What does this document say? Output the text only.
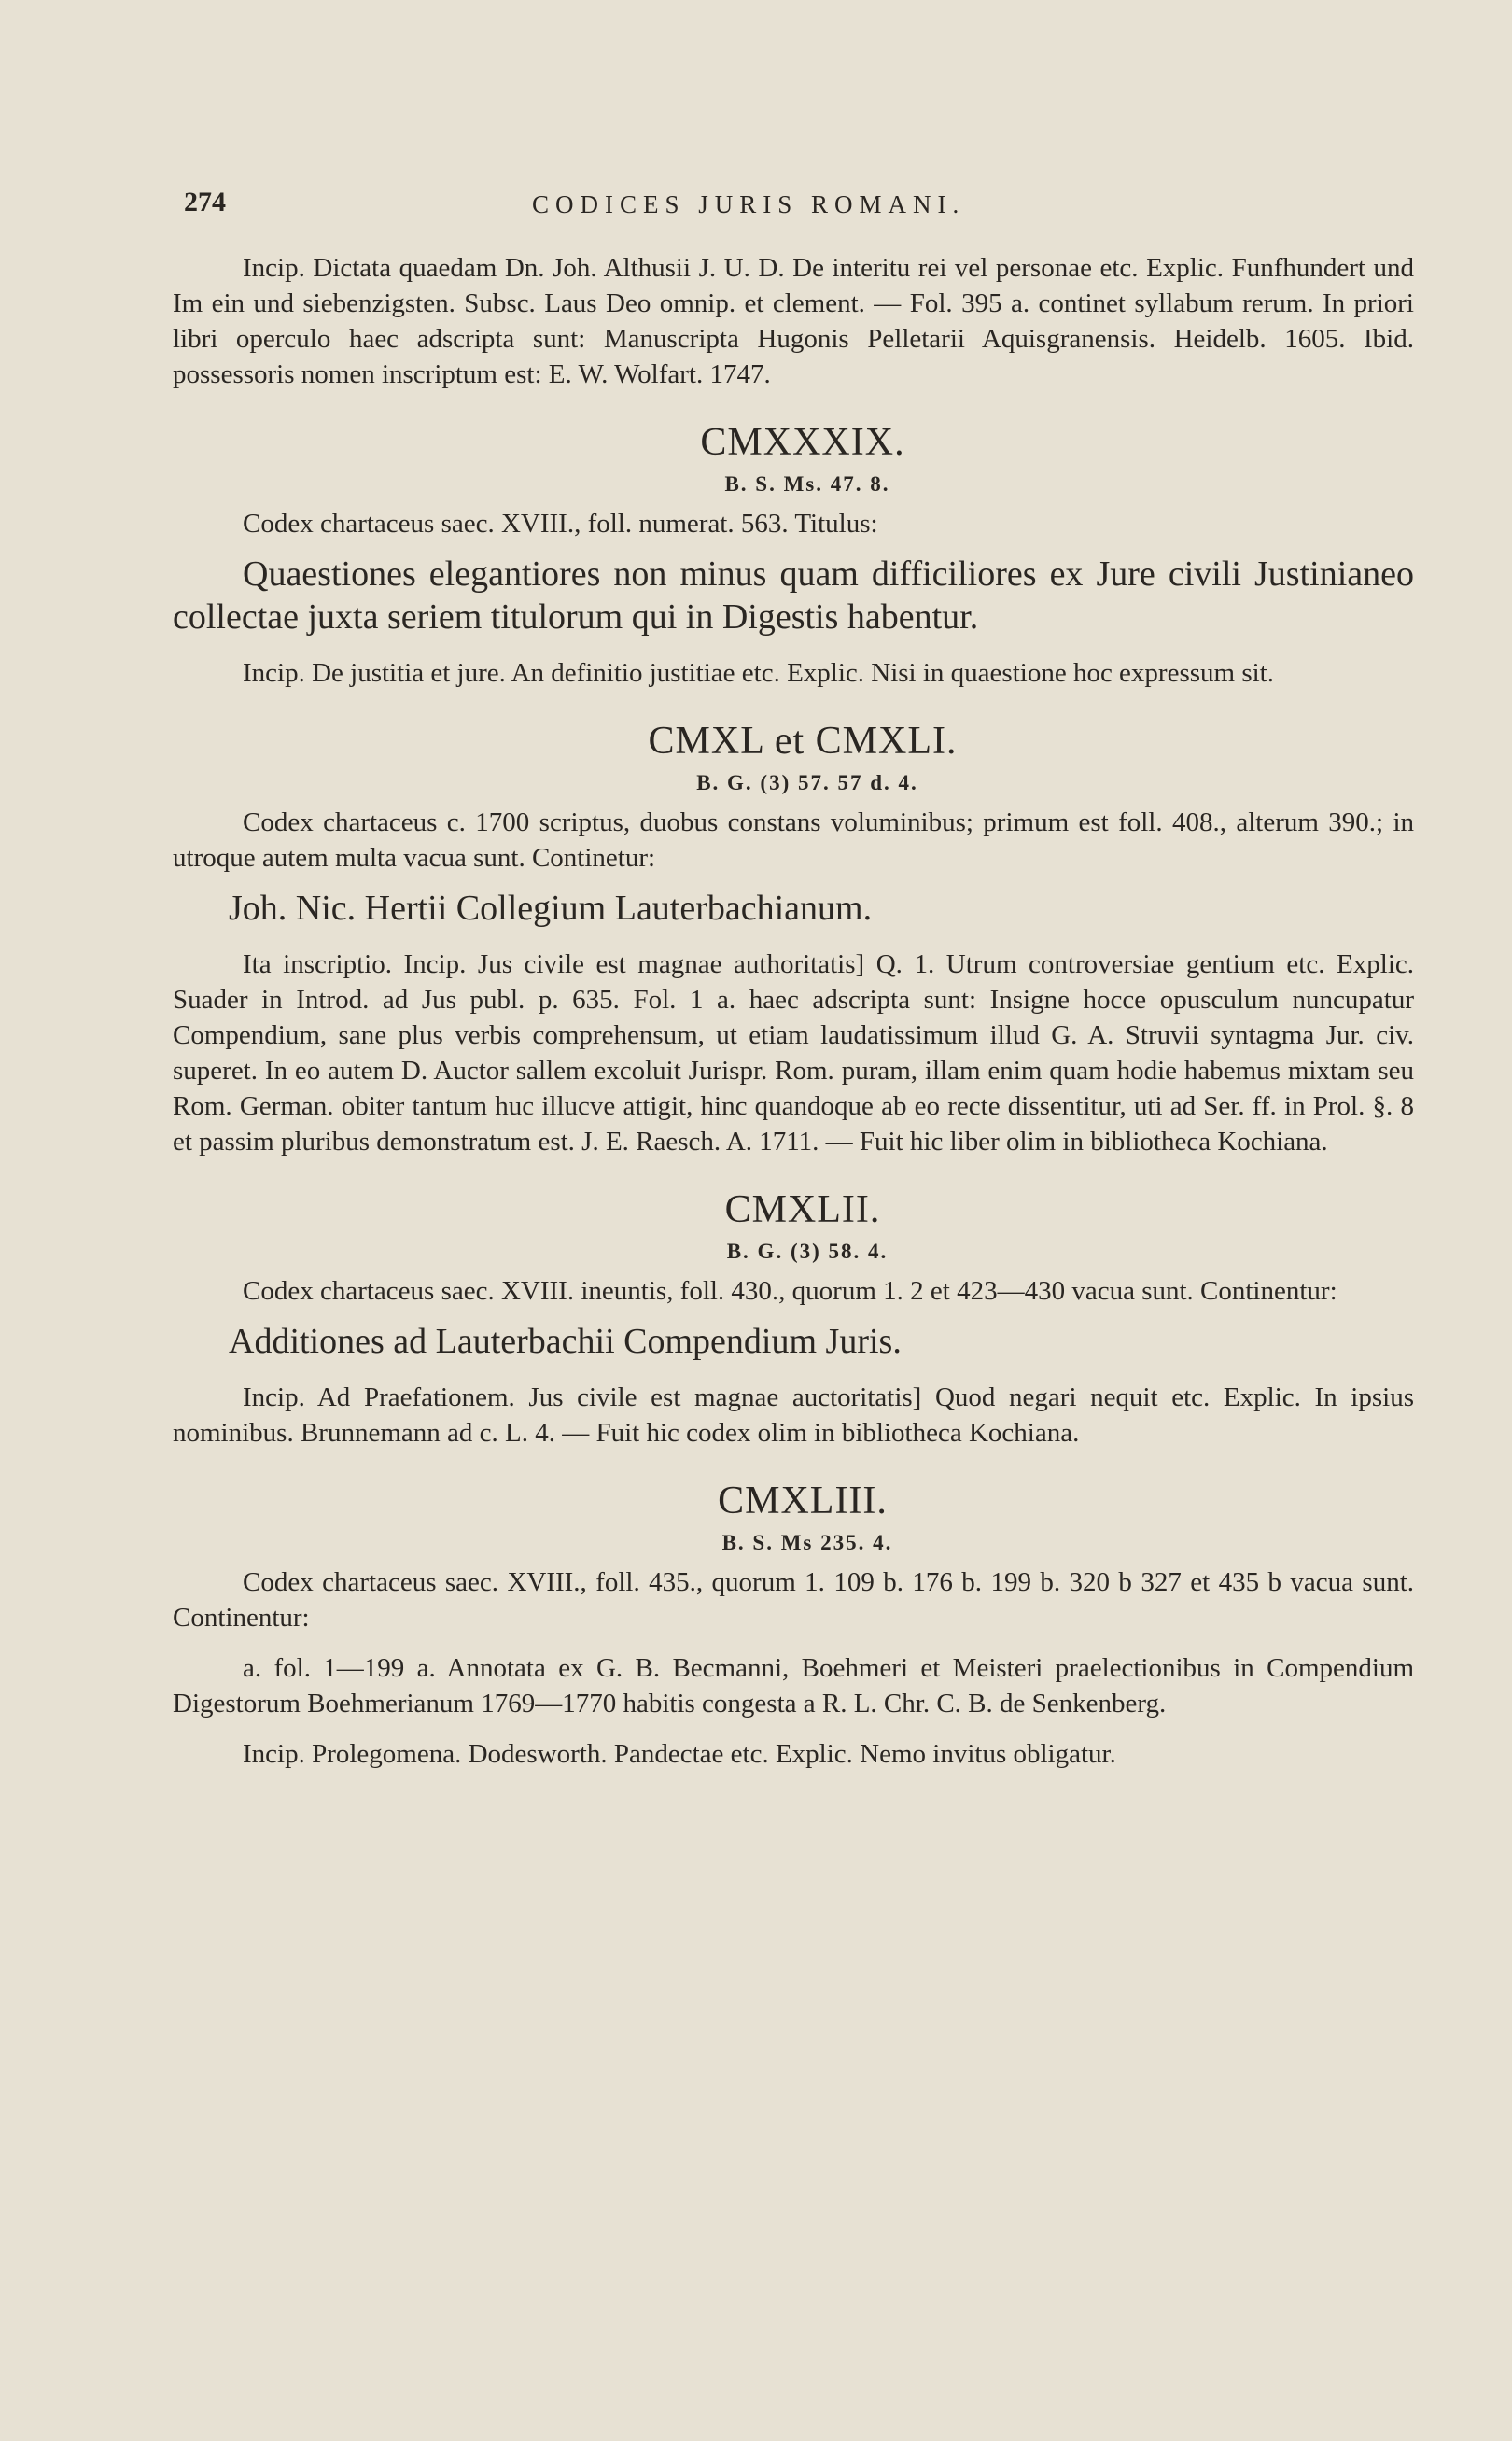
274	CODICES JURIS ROMANI.

Incip. Dictata quaedam Dn. Joh. Althusii J. U. D. De interitu rei vel personae etc. Explic. Funfhundert und Im ein und siebenzigsten. Subsc. Laus Deo omnip. et clement. — Fol. 395 a. continet syllabum rerum. In priori libri operculo haec adscripta sunt: Manuscripta Hugonis Pelletarii Aquisgranensis. Heidelb. 1605. Ibid. possessoris nomen inscriptum est: E. W. Wolfart. 1747.

CMXXXIX.
B. S. Ms. 47. 8.

Codex chartaceus saec. XVIII., foll. numerat. 563. Titulus:

Quaestiones elegantiores non minus quam difficiliores ex Jure civili Justinianeo collectae juxta seriem titulorum qui in Digestis habentur.

Incip. De justitia et jure. An definitio justitiae etc. Explic. Nisi in quaestione hoc expressum sit.

CMXL et CMXLI.
B. G. (3) 57. 57 d. 4.

Codex chartaceus c. 1700 scriptus, duobus constans voluminibus; primum est foll. 408., alterum 390.; in utroque autem multa vacua sunt. Continetur:

Joh. Nic. Hertii Collegium Lauterbachianum.

Ita inscriptio. Incip. Jus civile est magnae authoritatis] Q. 1. Utrum controversiae gentium etc. Explic. Suader in Introd. ad Jus publ. p. 635. Fol. 1 a. haec adscripta sunt: Insigne hocce opusculum nuncupatur Compendium, sane plus verbis comprehensum, ut etiam laudatissimum illud G. A. Struvii syntagma Jur. civ. superet. In eo autem D. Auctor sallem excoluit Jurispr. Rom. puram, illam enim quam hodie habemus mixtam seu Rom. German. obiter tantum huc illucve attigit, hinc quandoque ab eo recte dissentitur, uti ad Ser. ff. in Prol. §. 8 et passim pluribus demonstratum est. J. E. Raesch. A. 1711. — Fuit hic liber olim in bibliotheca Kochiana.

CMXLII.
B. G. (3) 58. 4.

Codex chartaceus saec. XVIII. ineuntis, foll. 430., quorum 1. 2 et 423—430 vacua sunt. Continentur:

Additiones ad Lauterbachii Compendium Juris.

Incip. Ad Praefationem. Jus civile est magnae auctoritatis] Quod negari nequit etc. Explic. In ipsius nominibus. Brunnemann ad c. L. 4. — Fuit hic codex olim in bibliotheca Kochiana.

CMXLIII.
B. S. Ms 235. 4.

Codex chartaceus saec. XVIII., foll. 435., quorum 1. 109 b. 176 b. 199 b. 320 b 327 et 435 b vacua sunt. Continentur:

a. fol. 1—199 a. Annotata ex G. B. Becmanni, Boehmeri et Meisteri praelectionibus in Compendium Digestorum Boehmerianum 1769—1770 habitis congesta a R. L. Chr. C. B. de Senkenberg.

Incip. Prolegomena. Dodesworth. Pandectae etc. Explic. Nemo invitus obligatur.
